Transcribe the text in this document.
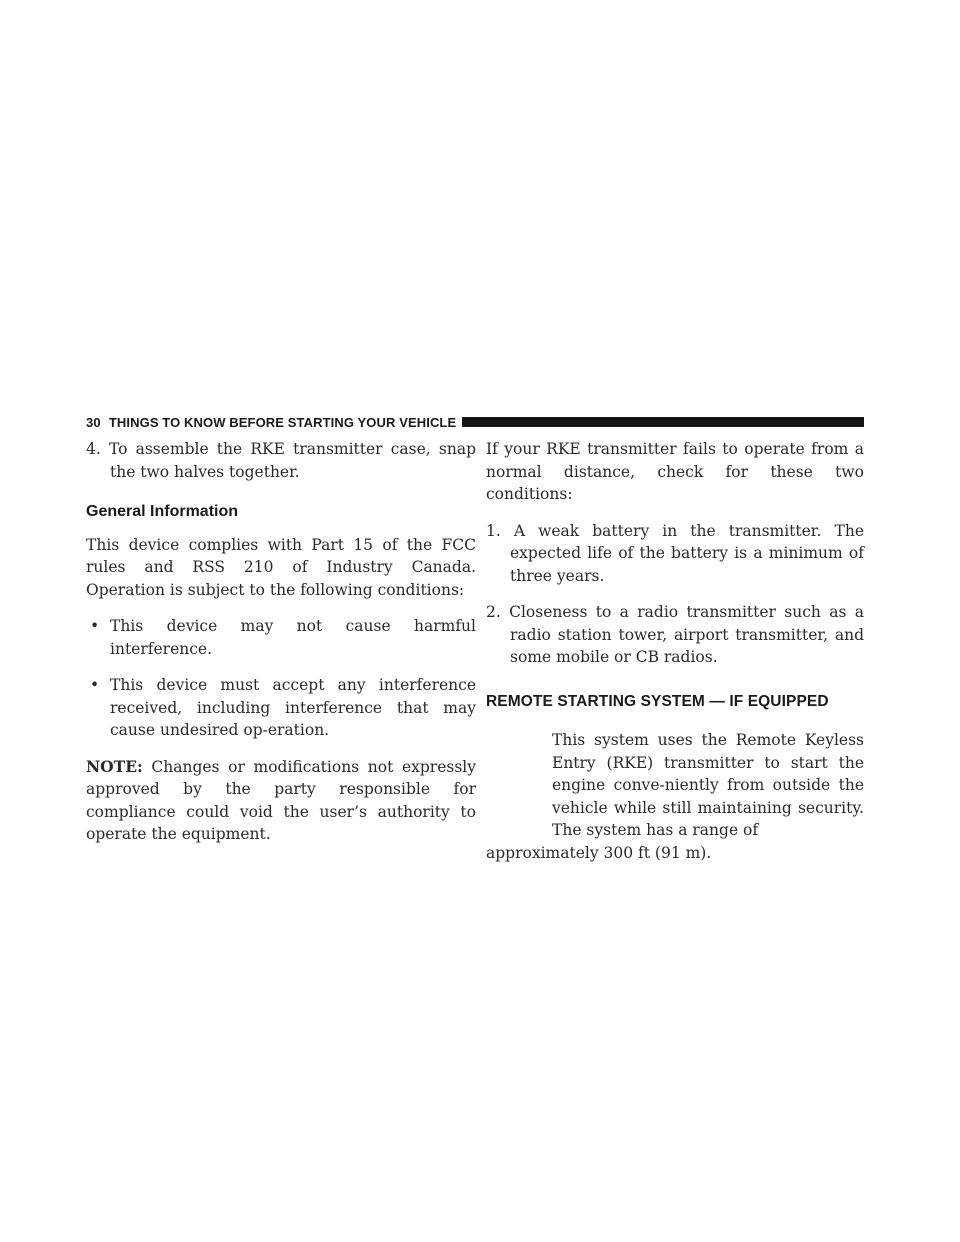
30 THINGS TO KNOW BEFORE STARTING YOUR VEHICLE

4. To assemble the RKE transmitter case, snap the two halves together.

General Information

This device complies with Part 15 of the FCC rules and RSS 210 of Industry Canada. Operation is subject to the following conditions:

• This device may not cause harmful interference.
• This device must accept any interference received, including interference that may cause undesired op-eration.

NOTE: Changes or modifications not expressly approved by the party responsible for compliance could void the user’s authority to operate the equipment.

If your RKE transmitter fails to operate from a normal distance, check for these two conditions:

1. A weak battery in the transmitter. The expected life of the battery is a minimum of three years.

2. Closeness to a radio transmitter such as a radio station tower, airport transmitter, and some mobile or CB radios.

REMOTE STARTING SYSTEM — IF EQUIPPED

This system uses the Remote Keyless Entry (RKE) transmitter to start the engine conve-niently from outside the vehicle while still maintaining security. The system has a range of

approximately 300 ft (91 m).
